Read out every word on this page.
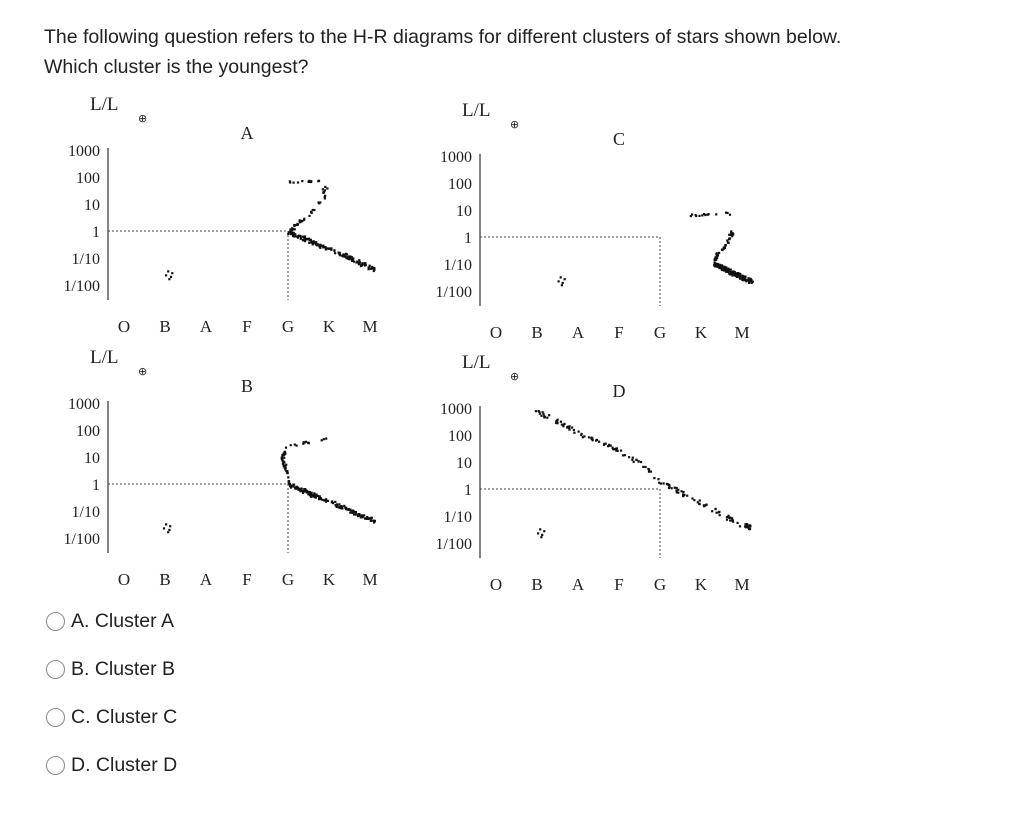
The following question refers to the H-R diagrams for different clusters of stars shown below.
Which cluster is the youngest?
L/L
⊕
A
1000
100
10
1
1/10
1/100
O B A F G K M
L/L
⊕
C
1000
100
10
1
1/10
1/100
O B A F G K M
L/L
⊕
B
1000
100
10
1
1/10
1/100
O B A F G K M
L/L
⊕
D
1000
100
10
1
1/10
1/100
O B A F G K M
A. Cluster A
B. Cluster B
C. Cluster C
D. Cluster D
